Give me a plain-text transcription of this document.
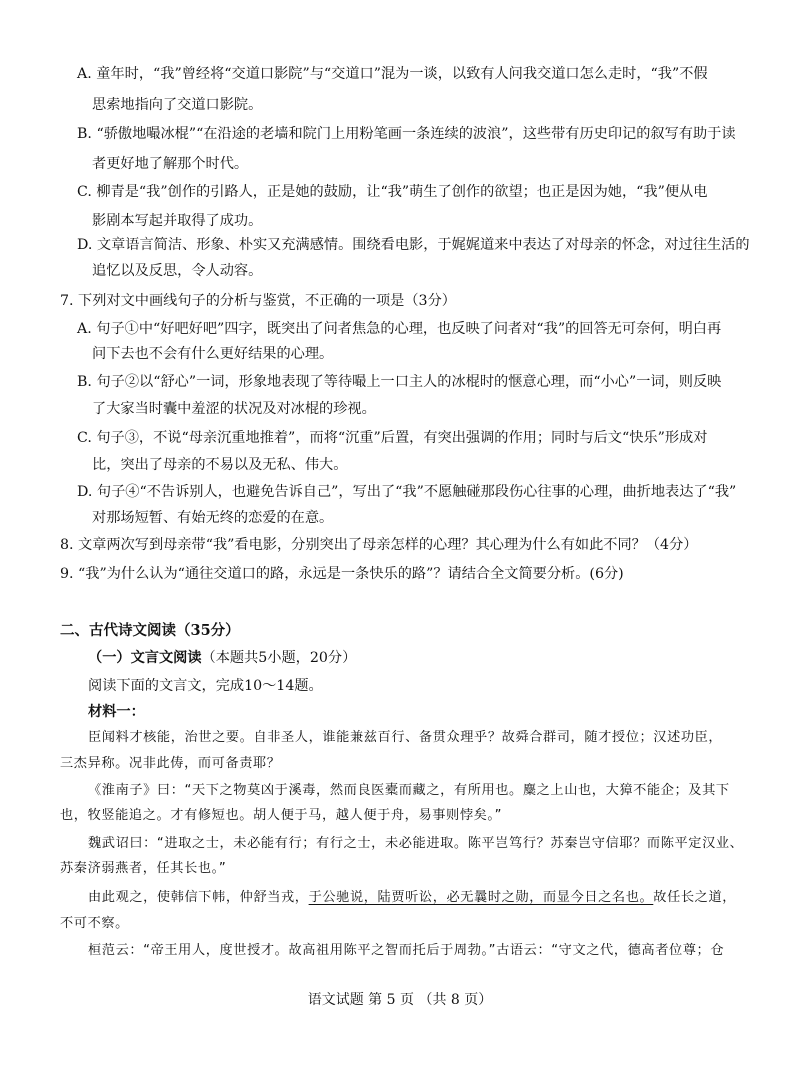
A. 童年时，“我”曾经将“交道口影院”与“交道口”混为一谈，以致有人问我交道口怎么走时，“我”不假
思索地指向了交道口影院。
B. “骄傲地嘬冰棍”“在沿途的老墙和院门上用粉笔画一条连续的波浪”，这些带有历史印记的叙写有助于读
者更好地了解那个时代。
C. 柳青是“我”创作的引路人，正是她的鼓励，让“我”萌生了创作的欲望；也正是因为她，“我”便从电
影剧本写起并取得了成功。
D. 文章语言简洁、形象、朴实又充满感情。围绕看电影，于娓娓道来中表达了对母亲的怀念，对过往生活的
追忆以及反思，令人动容。
7. 下列对文中画线句子的分析与鉴赏，不正确的一项是（3分）
A. 句子①中“好吧好吧”四字，既突出了问者焦急的心理，也反映了问者对“我”的回答无可奈何，明白再
问下去也不会有什么更好结果的心理。
B. 句子②以“舒心”一词，形象地表现了等待嘬上一口主人的冰棍时的惬意心理，而“小心”一词，则反映
了大家当时囊中羞涩的状况及对冰棍的珍视。
C. 句子③，不说“母亲沉重地推着”，而将“沉重”后置，有突出强调的作用；同时与后文“快乐”形成对
比，突出了母亲的不易以及无私、伟大。
D. 句子④“不告诉别人，也避免告诉自己”，写出了“我”不愿触碰那段伤心往事的心理，曲折地表达了“我”
对那场短暂、有始无终的恋爱的在意。
8. 文章两次写到母亲带“我”看电影，分别突出了母亲怎样的心理？其心理为什么有如此不同？（4分）
9. “我”为什么认为“通往交道口的路，永远是一条快乐的路”？请结合全文简要分析。(6分)
二、古代诗文阅读（35分）
（一）文言文阅读（本题共5小题，20分）
阅读下面的文言文，完成10～14题。
材料一：
臣闻料才核能，治世之要。自非圣人，谁能兼兹百行、备贯众理乎？故舜合群司，随才授位；汉述功臣，
三杰异称。况非此俦，而可备责耶？
《淮南子》曰：“天下之物莫凶于溪毒，然而良医橐而藏之，有所用也。麋之上山也，大獐不能企；及其下
也，牧竖能追之。才有修短也。胡人便于马，越人便于舟，易事则悖矣。”
魏武诏曰：“进取之士，未必能有行；有行之士，未必能进取。陈平岂笃行？苏秦岂守信耶？而陈平定汉业、
苏秦济弱燕者，任其长也。”
由此观之，使韩信下帏，仲舒当戎，于公驰说，陆贾听讼，必无曩时之勋，而显今日之名也。故任长之道，
不可不察。
桓范云：“帝王用人，度世授才。故高祖用陈平之智而托后于周勃。”古语云：“守文之代，德高者位尊；仓
语文试题 第 5 页 （共 8 页）
